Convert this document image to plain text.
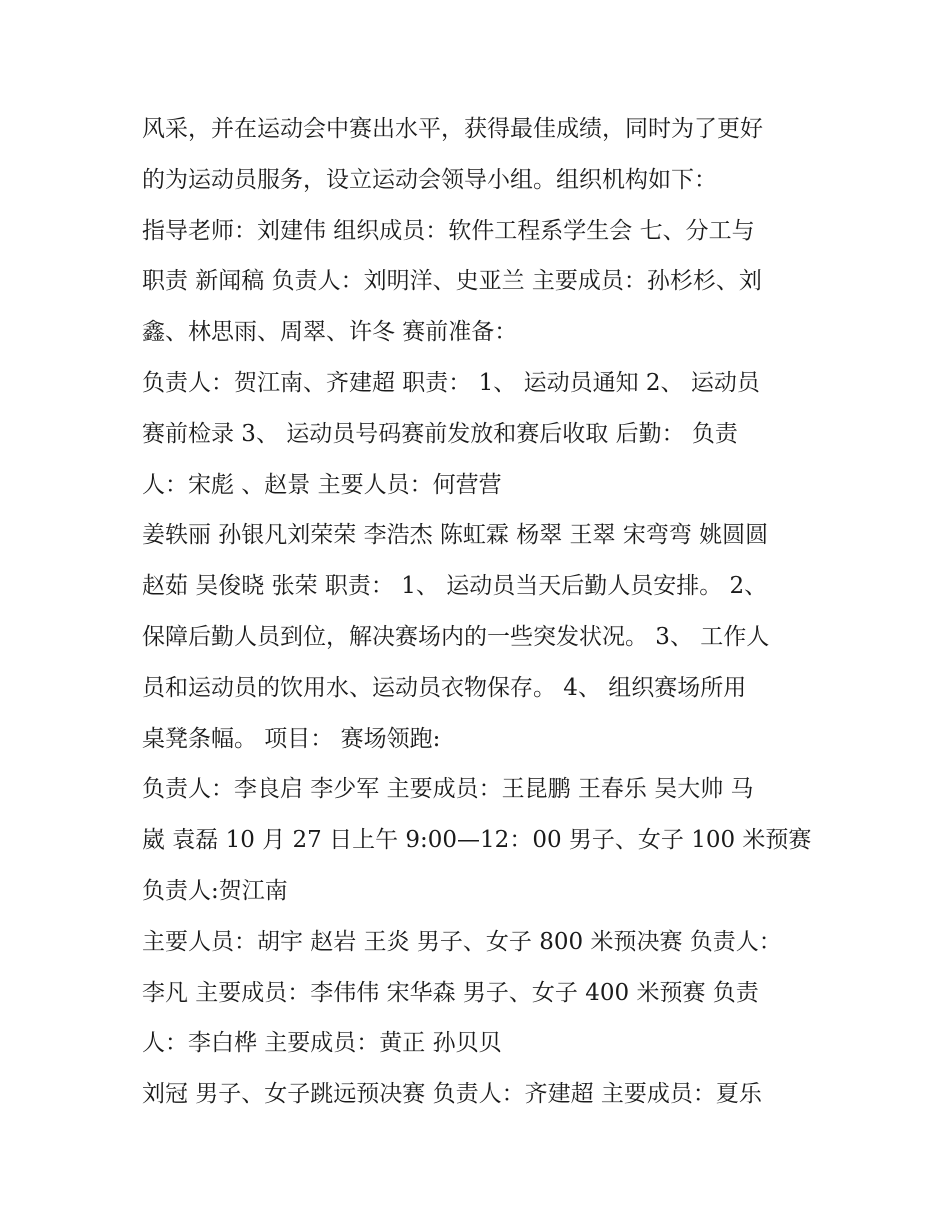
风采，并在运动会中赛出水平，获得最佳成绩，同时为了更好
的为运动员服务，设立运动会领导小组。组织机构如下：
指导老师：刘建伟 组织成员：软件工程系学生会 七、分工与
职责 新闻稿 负责人：刘明洋、史亚兰 主要成员：孙杉杉、刘
鑫、林思雨、周翠、许冬 赛前准备：
负责人：贺江南、齐建超 职责： 1、 运动员通知 2、 运动员
赛前检录 3、 运动员号码赛前发放和赛后收取 后勤： 负责
人：宋彪 、赵景 主要人员：何营营
姜轶丽 孙银凡刘荣荣 李浩杰 陈虹霖 杨翠 王翠 宋弯弯 姚圆圆
赵茹 吴俊晓 张荣 职责： 1、 运动员当天后勤人员安排。 2、
保障后勤人员到位，解决赛场内的一些突发状况。 3、 工作人
员和运动员的饮用水、运动员衣物保存。 4、 组织赛场所用
桌凳条幅。 项目： 赛场领跑:
负责人：李良启 李少军 主要成员：王昆鹏 王春乐 吴大帅 马
崴 袁磊 10 月 27 日上午 9:00—12：00 男子、女子 100 米预赛
负责人:贺江南
主要人员：胡宇 赵岩 王炎 男子、女子 800 米预决赛 负责人：
李凡 主要成员：李伟伟 宋华森 男子、女子 400 米预赛 负责
人：李白桦 主要成员：黄正 孙贝贝
刘冠 男子、女子跳远预决赛 负责人：齐建超 主要成员：夏乐
